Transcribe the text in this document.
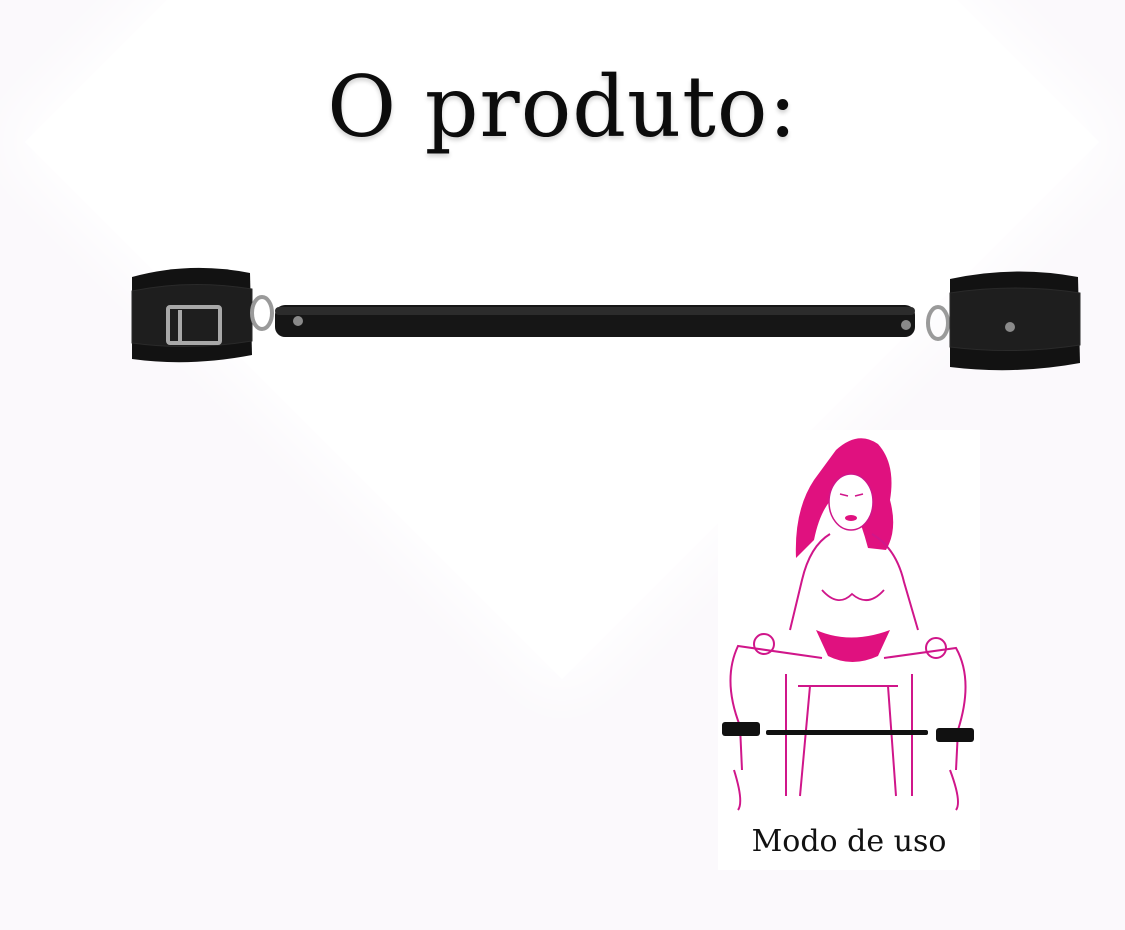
O produto:

Modo de uso
